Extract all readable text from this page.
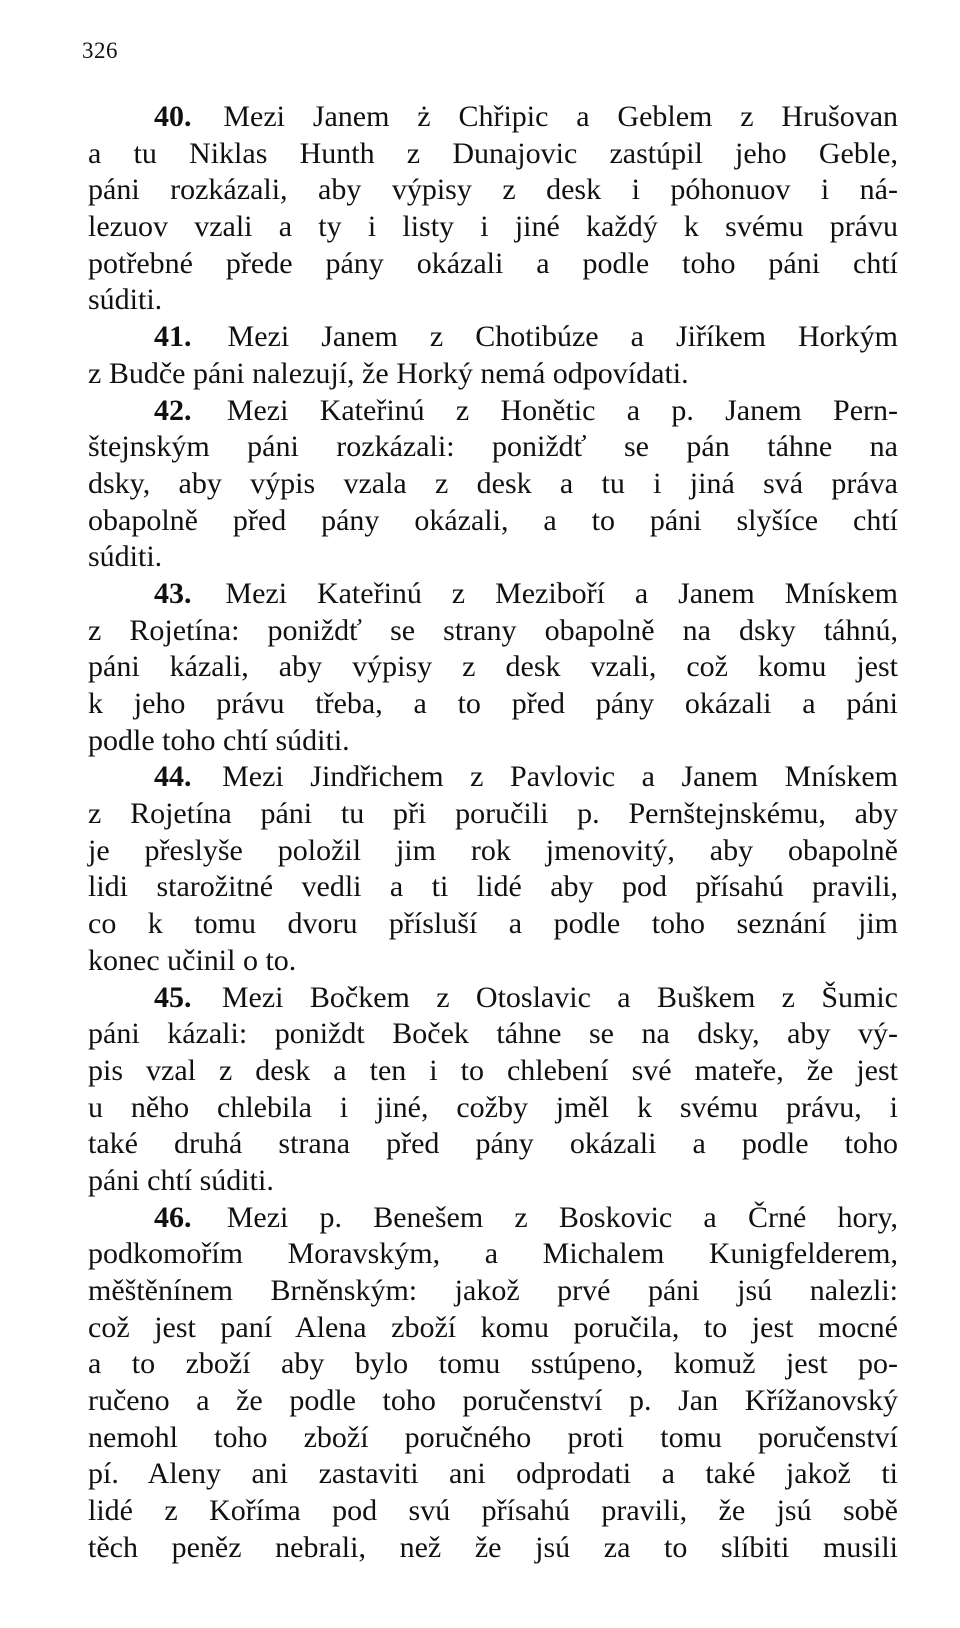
326
40. Mezi Janem ż Chřipic a Geblem z Hrušovan
a tu Niklas Hunth z Dunajovic zastúpil jeho Geble,
páni rozkázali, aby výpisy z desk i póhonuov i ná-
lezuov vzali a ty i listy i jiné každý k svému právu
potřebné přede pány okázali a podle toho páni chtí
súditi.
41. Mezi Janem z Chotibúze a Jiříkem Horkým
z Budče páni nalezují, že Horký nemá odpovídati.
42. Mezi Kateřinú z Honětic a p. Janem Pern-
štejnským páni rozkázali: poniždť se pán táhne na
dsky, aby výpis vzala z desk a tu i jiná svá práva
obapolně před pány okázali, a to páni slyšíce chtí
súditi.
43. Mezi Kateřinú z Meziboří a Janem Mnískem
z Rojetína: poniždť se strany obapolně na dsky táhnú,
páni kázali, aby výpisy z desk vzali, což komu jest
k jeho právu třeba, a to před pány okázali a páni
podle toho chtí súditi.
44. Mezi Jindřichem z Pavlovic a Janem Mnískem
z Rojetína páni tu při poručili p. Pernštejnskému, aby
je přeslyše položil jim rok jmenovitý, aby obapolně
lidi starožitné vedli a ti lidé aby pod přísahú pravili,
co k tomu dvoru přísluší a podle toho seznání jim
konec učinil o to.
45. Mezi Bočkem z Otoslavic a Buškem z Šumic
páni kázali: poniždt Boček táhne se na dsky, aby vý-
pis vzal z desk a ten i to chlebení své mateře, že jest
u něho chlebila i jiné, cožby jměl k svému právu, i
také druhá strana před pány okázali a podle toho
páni chtí súditi.
46. Mezi p. Benešem z Boskovic a Črné hory,
podkomořím Moravským, a Michalem Kunigfelderem,
měštěnínem Brněnským: jakož prvé páni jsú nalezli:
což jest paní Alena zboží komu poručila, to jest mocné
a to zboží aby bylo tomu sstúpeno, komuž jest po-
ručeno a že podle toho poručenství p. Jan Křížanovský
nemohl toho zboží poručného proti tomu poručenství
pí. Aleny ani zastaviti ani odprodati a také jakož ti
lidé z Koříma pod svú přísahú pravili, že jsú sobě
těch peněz nebrali, než že jsú za to slíbiti musili
